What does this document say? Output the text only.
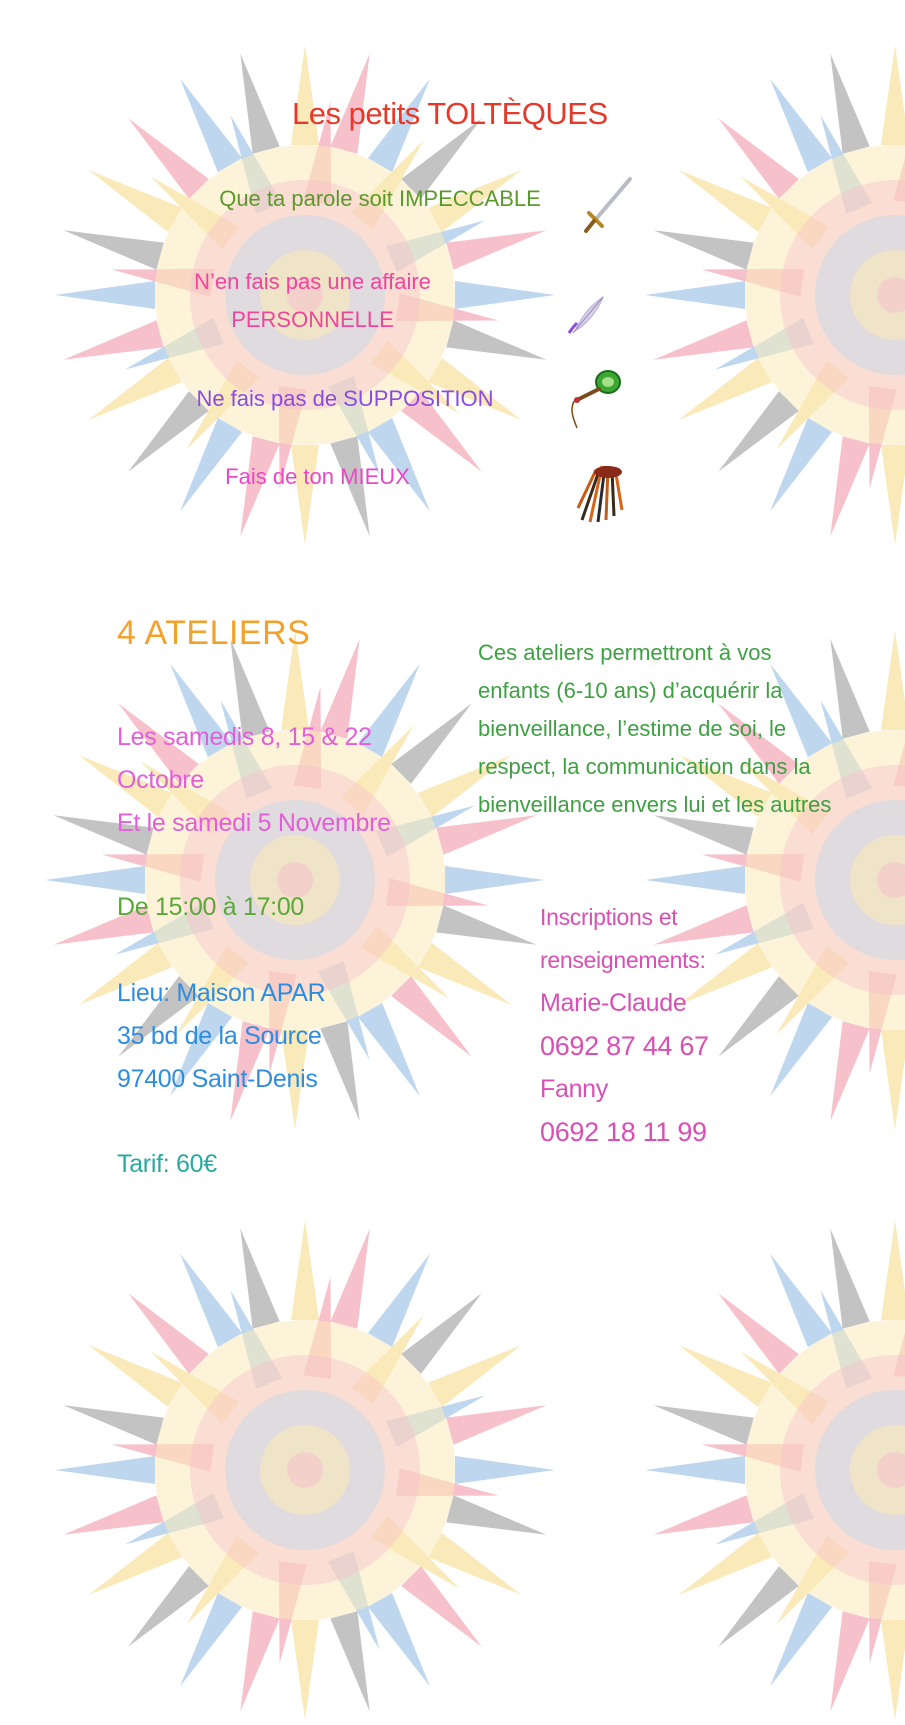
Les petits TOLTÈQUES
Que ta parole soit IMPECCABLE
N’en fais pas une affaire PERSONNELLE
Ne fais pas de SUPPOSITION
Fais de ton MIEUX
4 ATELIERS
Les samedis 8, 15 & 22
Octobre
Et le samedi 5 Novembre
De 15:00 à 17:00
Lieu: Maison APAR
35 bd de la Source
97400 Saint-Denis
Tarif: 60€
Ces ateliers permettront à vos enfants (6-10 ans) d’acquérir la bienveillance, l’estime de soi, le respect, la communication dans la bienveillance envers lui et les autres
Inscriptions et
renseignements:
Marie-Claude
0692 87 44 67
Fanny
0692 18 11 99
